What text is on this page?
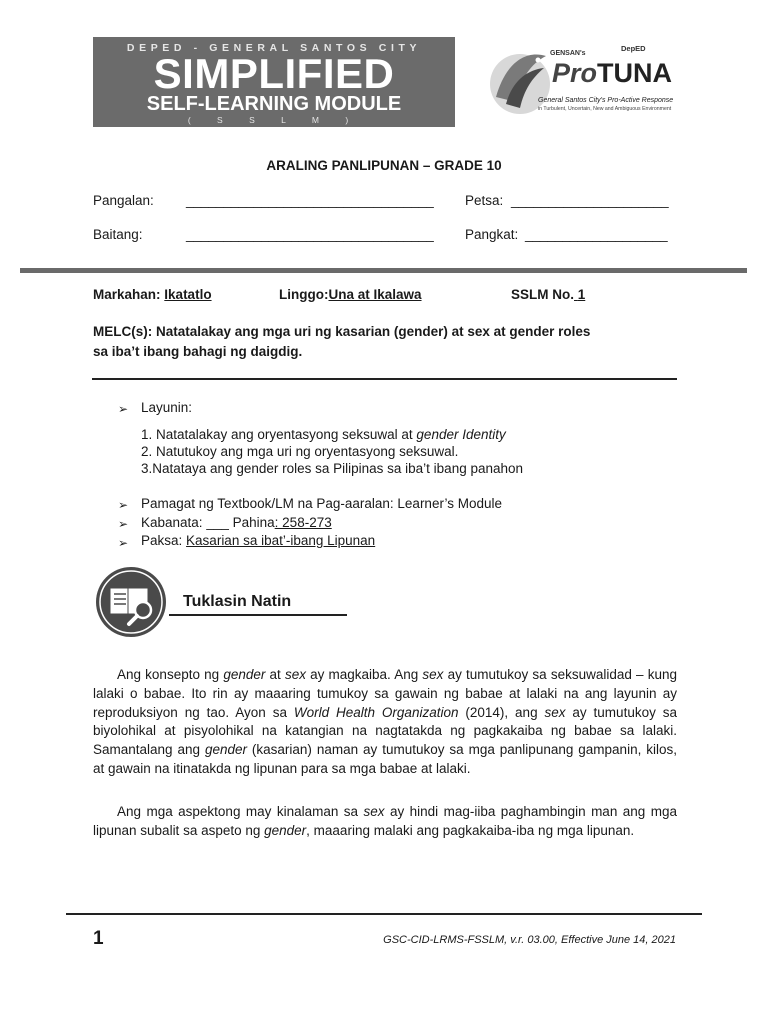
DEPED - GENERAL SANTOS CITY
SIMPLIFIED
SELF-LEARNING MODULE
( S S L M )
GENSAN's
DepED
ProTUNA
General Santos City's Pro-Active Response
in Turbulent, Uncertain, New and Ambiguous Environment
ARALING PANLIPUNAN – GRADE 10
Pangalan: _________________________________ Petsa: _____________________
Baitang:	_________________________________ Pangkat: ___________________
Markahan: Ikatatlo	Linggo:Una at Ikalawa	SSLM No. 1
MELC(s): Natatalakay ang mga uri ng kasarian (gender) at sex at gender roles
sa iba’t ibang bahagi ng daigdig.
➢ Layunin:
1. Natatalakay ang oryentasyong seksuwal at gender Identity
2. Natutukoy ang mga uri ng oryentasyong seksuwal.
3.Natataya ang gender roles sa Pilipinas sa iba’t ibang panahon
➢ Pamagat ng Textbook/LM na Pag-aaralan: Learner’s Module
➢ Kabanata: ___ Pahina: 258-273
➢ Paksa: Kasarian sa ibat’-ibang Lipunan
Tuklasin Natin
Ang konsepto ng gender at sex ay magkaiba. Ang sex ay tumutukoy sa seksuwalidad – kung lalaki o babae. Ito rin ay maaaring tumukoy sa gawain ng babae at lalaki na ang layunin ay reproduksiyon ng tao. Ayon sa World Health Organization (2014), ang sex ay tumutukoy sa biyolohikal at pisyolohikal na katangian na nagtatakda ng pagkakaiba ng babae sa lalaki. Samantalang ang gender (kasarian) naman ay tumutukoy sa mga panlipunang gampanin, kilos, at gawain na itinatakda ng lipunan para sa mga babae at lalaki.
Ang mga aspektong may kinalaman sa sex ay hindi mag-iiba paghambingin man ang mga lipunan subalit sa aspeto ng gender, maaaring malaki ang pagkakaiba-iba ng mga lipunan.
1	GSC-CID-LRMS-FSSLM, v.r. 03.00, Effective June 14, 2021
